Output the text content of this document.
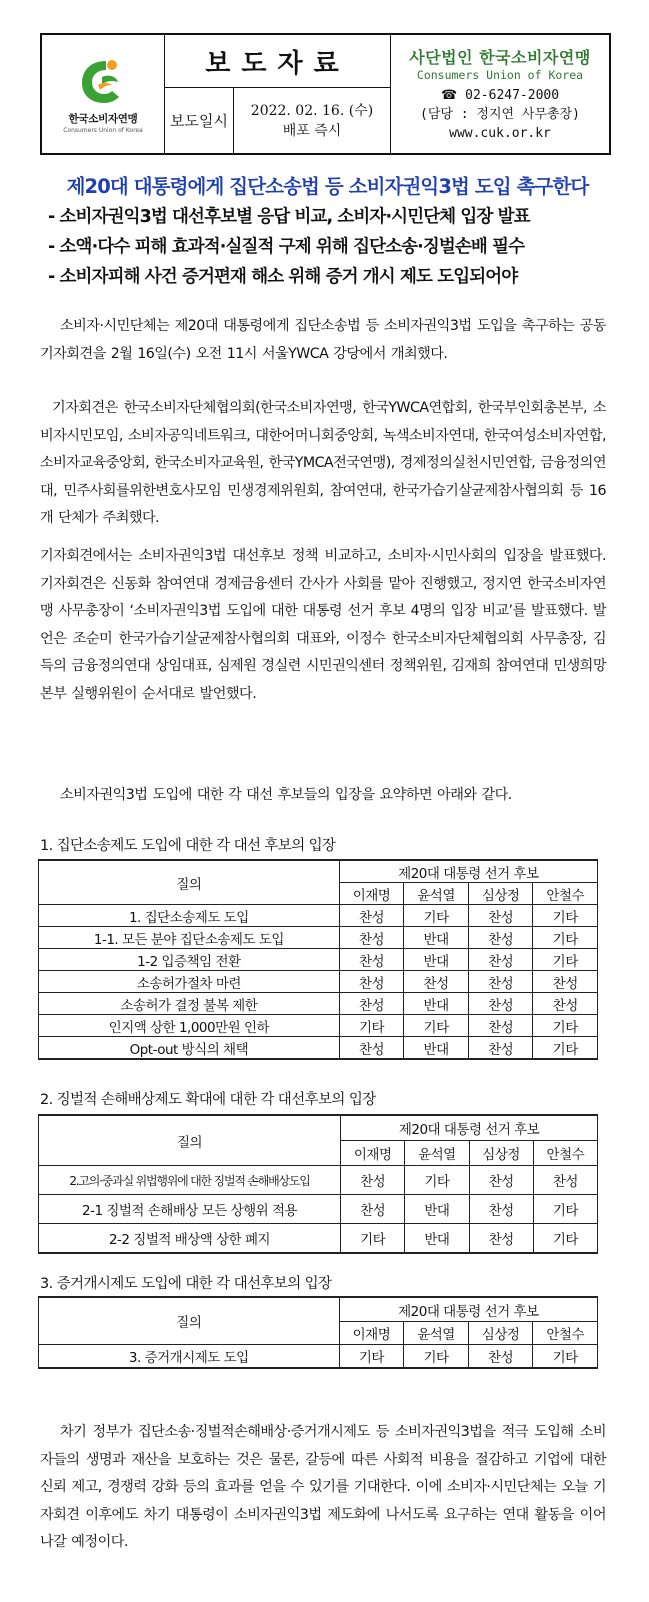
한국소비자연맹
Consumers Union of Korea
보도자료
보도일시
2022. 02. 16. (수)
배포 즉시
사단법인 한국소비자연맹
Consumers Union of Korea
☎ 02-6247-2000
(담당 : 정지연 사무총장)
www.cuk.or.kr
제20대 대통령에게 집단소송법 등 소비자권익3법 도입 촉구한다
- 소비자권익3법 대선후보별 응답 비교, 소비자·시민단체 입장 발표
- 소액·다수 피해 효과적·실질적 구제 위해 집단소송·징벌손배 필수
- 소비자피해 사건 증거편재 해소 위해 증거 개시 제도 도입되어야
소비자·시민단체는 제20대 대통령에게 집단소송법 등 소비자권익3법 도입을 촉구하는 공동기자회견을 2월 16일(수) 오전 11시 서울YWCA 강당에서 개최했다.
기자회견은 한국소비자단체협의회(한국소비자연맹, 한국YWCA연합회, 한국부인회총본부, 소비자시민모임, 소비자공익네트워크, 대한어머니회중앙회, 녹색소비자연대, 한국여성소비자연합, 소비자교육중앙회, 한국소비자교육원, 한국YMCA전국연맹), 경제정의실천시민연합, 금융정의연대, 민주사회를위한변호사모임 민생경제위원회, 참여연대, 한국가습기살균제참사협의회 등 16개 단체가 주최했다.
기자회견에서는 소비자권익3법 대선후보 정책 비교하고, 소비자·시민사회의 입장을 발표했다. 기자회견은 신동화 참여연대 경제금융센터 간사가 사회를 맡아 진행했고, 정지연 한국소비자연맹 사무총장이 ‘소비자권익3법 도입에 대한 대통령 선거 후보 4명의 입장 비교’를 발표했다. 발언은 조순미 한국가습기살균제참사협의회 대표와, 이정수 한국소비자단체협의회 사무총장, 김득의 금융정의연대 상임대표, 심제원 경실련 시민권익센터 정책위원, 김재희 참여연대 민생희망본부 실행위원이 순서대로 발언했다.
소비자권익3법 도입에 대한 각 대선 후보들의 입장을 요약하면 아래와 같다.
1. 집단소송제도 도입에 대한 각 대선 후보의 입장
질의	제20대 대통령 선거 후보			
	이재명	윤석열	심상정	안철수
1. 집단소송제도 도입	찬성	기타	찬성	기타
1-1. 모든 분야 집단소송제도 도입	찬성	반대	찬성	기타
1-2 입증책임 전환	찬성	반대	찬성	기타
소송허가절차 마련	찬성	찬성	찬성	찬성
소송허가 결정 불복 제한	찬성	반대	찬성	찬성
인지액 상한 1,000만원 인하	기타	기타	찬성	기타
Opt-out 방식의 채택	찬성	반대	찬성	기타
2. 징벌적 손해배상제도 확대에 대한 각 대선후보의 입장
질의	제20대 대통령 선거 후보			
	이재명	윤석열	심상정	안철수
2.고의·중과실 위법행위에 대한 징벌적 손해배상도입	찬성	기타	찬성	찬성
2-1 징벌적 손해배상 모든 상행위 적용	찬성	반대	찬성	기타
2-2 징벌적 배상액 상한 폐지	기타	반대	찬성	기타
3. 증거개시제도 도입에 대한 각 대선후보의 입장
질의	제20대 대통령 선거 후보			
	이재명	윤석열	심상정	안철수
3. 증거개시제도 도입	기타	기타	찬성	기타
차기 정부가 집단소송·징벌적손해배상·증거개시제도 등 소비자권익3법을 적극 도입해 소비자들의 생명과 재산을 보호하는 것은 물론, 갈등에 따른 사회적 비용을 절감하고 기업에 대한 신뢰 제고, 경쟁력 강화 등의 효과를 얻을 수 있기를 기대한다. 이에 소비자·시민단체는 오늘 기자회견 이후에도 차기 대통령이 소비자권익3법 제도화에 나서도록 요구하는 연대 활동을 이어나갈 예정이다.
